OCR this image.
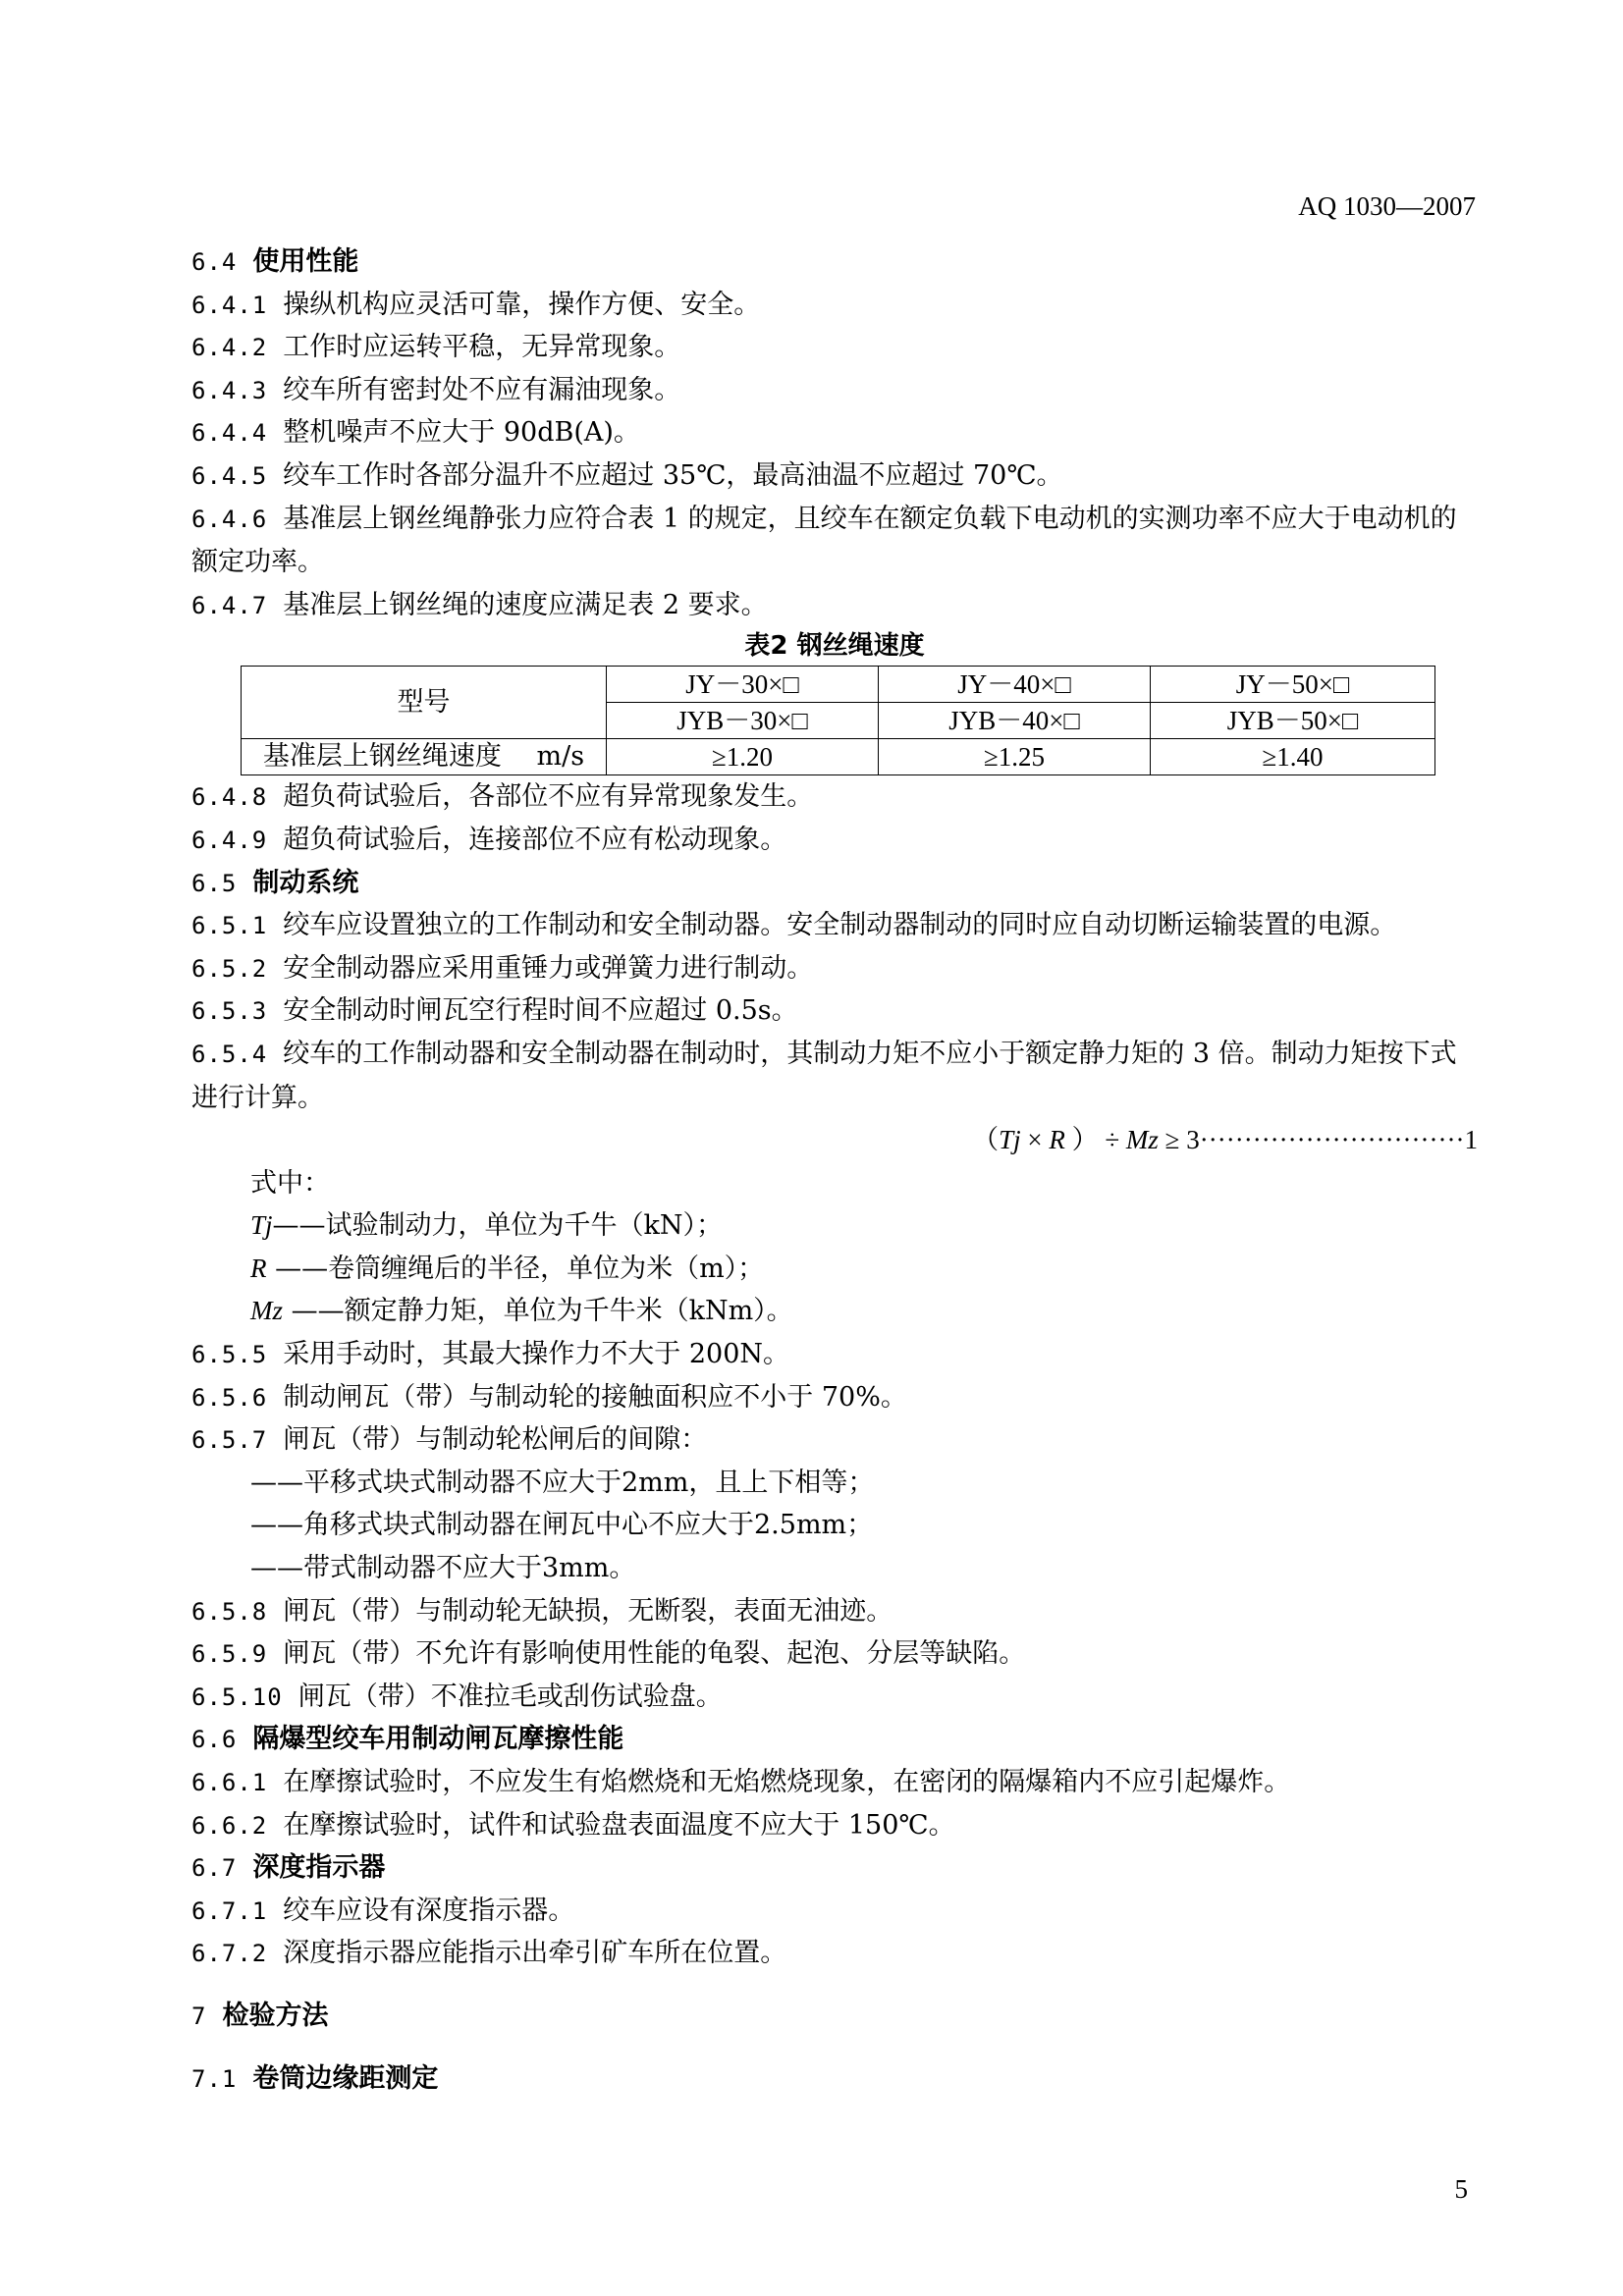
AQ 1030—2007
6.4 使用性能
6.4.1 操纵机构应灵活可靠，操作方便、安全。
6.4.2 工作时应运转平稳，无异常现象。
6.4.3 绞车所有密封处不应有漏油现象。
6.4.4 整机噪声不应大于 90dB(A)。
6.4.5 绞车工作时各部分温升不应超过 35℃，最高油温不应超过 70℃。
6.4.6 基准层上钢丝绳静张力应符合表 1 的规定，且绞车在额定负载下电动机的实测功率不应大于电动机的额定功率。
6.4.7 基准层上钢丝绳的速度应满足表 2 要求。
表2 钢丝绳速度
型号	JY－30×□	JY－40×□	JY－50×□
	JYB－30×□	JYB－40×□	JYB－50×□
基准层上钢丝绳速度　 m/s	≥1.20	≥1.25	≥1.40
6.4.8 超负荷试验后，各部位不应有异常现象发生。
6.4.9 超负荷试验后，连接部位不应有松动现象。
6.5 制动系统
6.5.1 绞车应设置独立的工作制动和安全制动器。安全制动器制动的同时应自动切断运输装置的电源。
6.5.2 安全制动器应采用重锤力或弹簧力进行制动。
6.5.3 安全制动时闸瓦空行程时间不应超过 0.5s。
6.5.4 绞车的工作制动器和安全制动器在制动时，其制动力矩不应小于额定静力矩的 3 倍。制动力矩按下式进行计算。
（Tj × R ） ÷ Mz ≥ 3······························1
式中：
Tj——试验制动力，单位为千牛（kN）；
R ——卷筒缠绳后的半径，单位为米（m）；
Mz ——额定静力矩，单位为千牛米（kNm）。
6.5.5 采用手动时，其最大操作力不大于 200N。
6.5.6 制动闸瓦（带）与制动轮的接触面积应不小于 70%。
6.5.7 闸瓦（带）与制动轮松闸后的间隙：
——平移式块式制动器不应大于2mm，且上下相等；
——角移式块式制动器在闸瓦中心不应大于2.5mm；
——带式制动器不应大于3mm。
6.5.8 闸瓦（带）与制动轮无缺损，无断裂，表面无油迹。
6.5.9 闸瓦（带）不允许有影响使用性能的龟裂、起泡、分层等缺陷。
6.5.10 闸瓦（带）不准拉毛或刮伤试验盘。
6.6 隔爆型绞车用制动闸瓦摩擦性能
6.6.1 在摩擦试验时，不应发生有焰燃烧和无焰燃烧现象，在密闭的隔爆箱内不应引起爆炸。
6.6.2 在摩擦试验时，试件和试验盘表面温度不应大于 150℃。
6.7 深度指示器
6.7.1 绞车应设有深度指示器。
6.7.2 深度指示器应能指示出牵引矿车所在位置。
7 检验方法
7.1 卷筒边缘距测定
5
